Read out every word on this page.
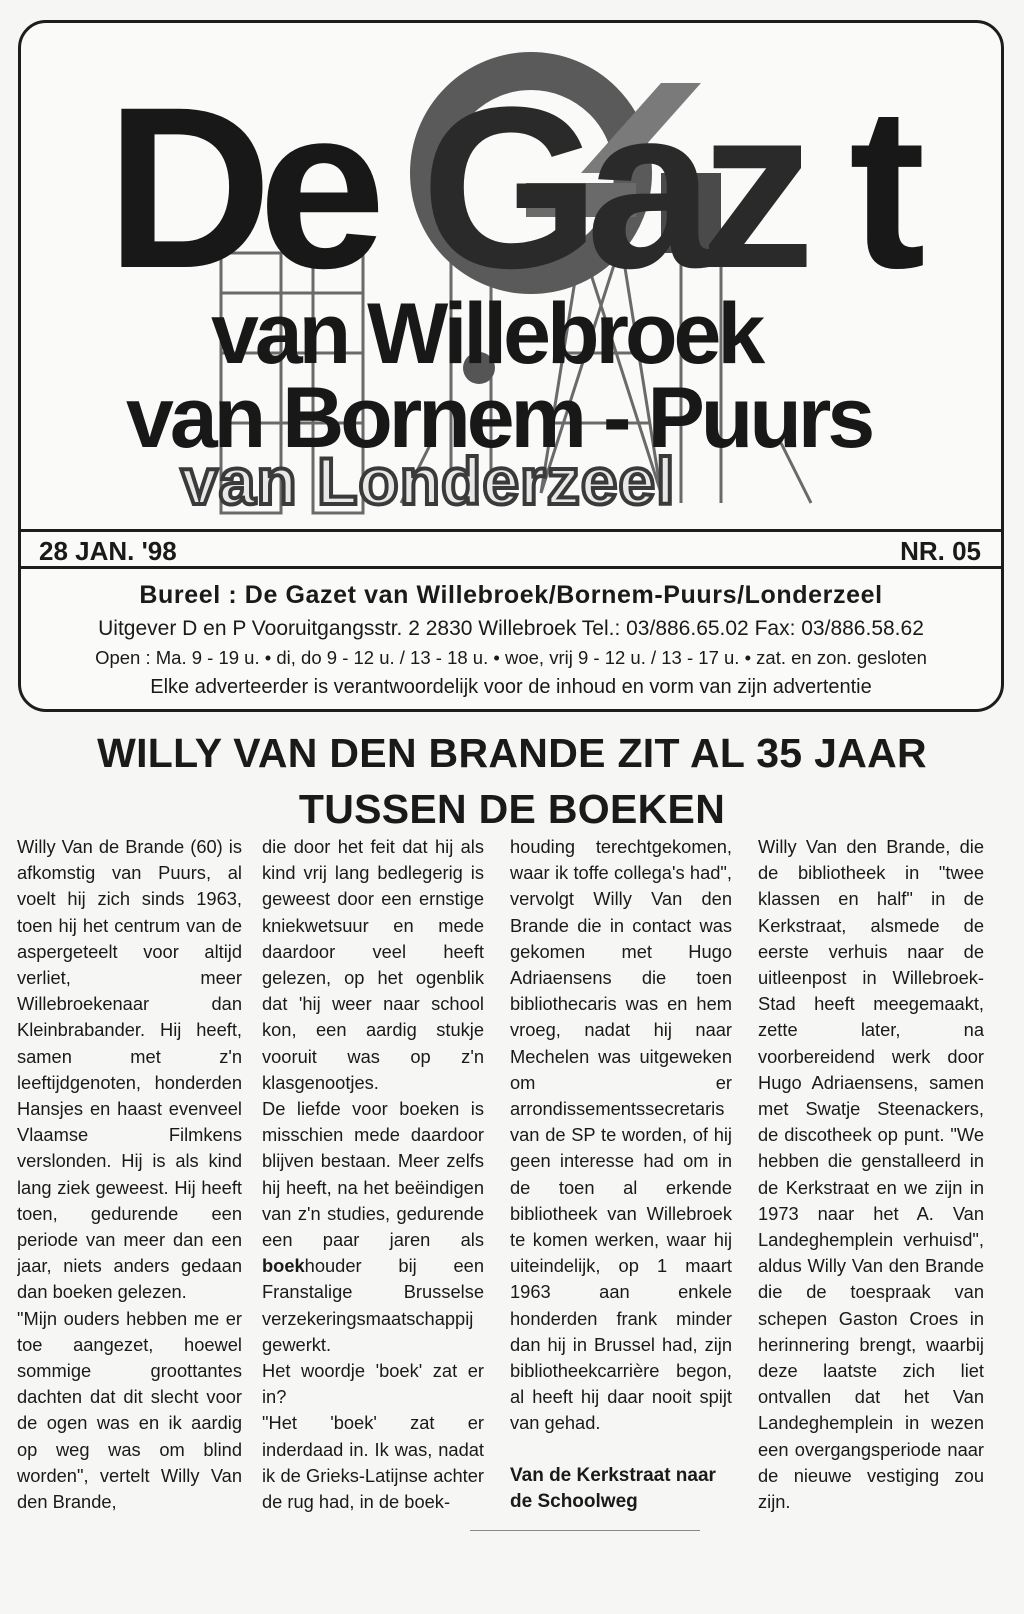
De Gaz t
van Willebroek
van Bornem - Puurs
van Londerzeel
28 JAN. '98	NR. 05
Bureel : De Gazet van Willebroek/Bornem-Puurs/Londerzeel
Uitgever D en P Vooruitgangsstr. 2 2830 Willebroek Tel.: 03/886.65.02 Fax: 03/886.58.62
Open : Ma. 9 - 19 u. • di, do 9 - 12 u. / 13 - 18 u. • woe, vrij 9 - 12 u. / 13 - 17 u. • zat. en zon. gesloten
Elke adverteerder is verantwoordelijk voor de inhoud en vorm van zijn advertentie
WILLY VAN DEN BRANDE ZIT AL 35 JAAR
TUSSEN DE BOEKEN

Willy Van de Brande (60) is afkomstig van Puurs, al voelt hij zich sinds 1963, toen hij het centrum van de aspergeteelt voor altijd verliet, meer Willebroekenaar dan Kleinbrabander. Hij heeft, samen met z'n leeftijdgenoten, honderden Hansjes en haast evenveel Vlaamse Filmkens verslonden. Hij is als kind lang ziek geweest. Hij heeft toen, gedurende een periode van meer dan een jaar, niets anders gedaan dan boeken gelezen.

"Mijn ouders hebben me er toe aangezet, hoewel sommige groottantes dachten dat dit slecht voor de ogen was en ik aardig op weg was om blind worden", vertelt Willy Van den Brande,

die door het feit dat hij als kind vrij lang bedlegerig is geweest door een ernstige kniekwetsuur en mede daardoor veel heeft gelezen, op het ogenblik dat 'hij weer naar school kon, een aardig stukje vooruit was op z'n klasgenootjes.

De liefde voor boeken is misschien mede daardoor blijven bestaan. Meer zelfs hij heeft, na het beëindigen van z'n studies, gedurende een paar jaren als boekhouder bij een Franstalige Brusselse verzekeringsmaatschappij gewerkt.

Het woordje 'boek' zat er in?

"Het 'boek' zat er inderdaad in. Ik was, nadat ik de Grieks-Latijnse achter de rug had, in de boek-

houding terechtgekomen, waar ik toffe collega's had", vervolgt Willy Van den Brande die in contact was gekomen met Hugo Adriaensens die toen bibliothecaris was en hem vroeg, nadat hij naar Mechelen was uitgeweken om er arrondissementssecretaris van de SP te worden, of hij geen interesse had om in de toen al erkende bibliotheek van Willebroek te komen werken, waar hij uiteindelijk, op 1 maart 1963 aan enkele honderden frank minder dan hij in Brussel had, zijn bibliotheekcarrière begon, al heeft hij daar nooit spijt van gehad.

Van de Kerkstraat naar de Schoolweg

Willy Van den Brande, die de bibliotheek in "twee klassen en half" in de Kerkstraat, alsmede de eerste verhuis naar de uitleenpost in Willebroek-Stad heeft meegemaakt, zette later, na voorbereidend werk door Hugo Adriaensens, samen met Swatje Steenackers, de discotheek op punt. "We hebben die genstalleerd in de Kerkstraat en we zijn in 1973 naar het A. Van Landeghemplein verhuisd", aldus Willy Van den Brande die de toespraak van schepen Gaston Croes in herinnering brengt, waarbij deze laatste zich liet ontvallen dat het Van Landeghemplein in wezen een overgangsperiode naar de nieuwe vestiging zou zijn.
